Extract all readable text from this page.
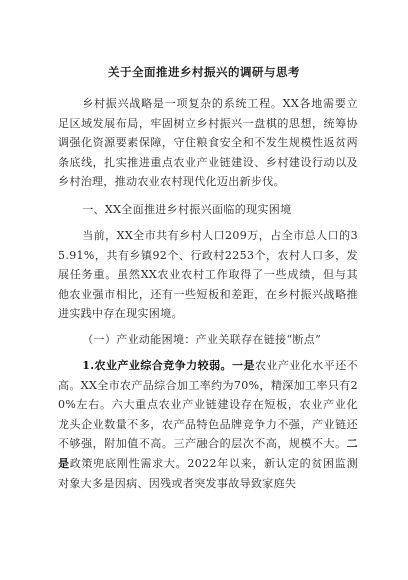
关于全面推进乡村振兴的调研与思考

乡村振兴战略是一项复杂的系统工程。XX各地需要立足区域发展布局，牢固树立乡村振兴一盘棋的思想，统筹协调强化资源要素保障，守住粮食安全和不发生规模性返贫两条底线，扎实推进重点农业产业链建设、乡村建设行动以及乡村治理，推动农业农村现代化迈出新步伐。

一、XX全面推进乡村振兴面临的现实困境

当前，XX全市共有乡村人口209万，占全市总人口的35.91%，共有乡镇92个、行政村2253个，农村人口多，发展任务重。虽然XX农业农村工作取得了一些成绩，但与其他农业强市相比，还有一些短板和差距，在乡村振兴战略推进实践中存在现实困境。

（一）产业动能困境：产业关联存在链接“断点”

1.农业产业综合竞争力较弱。一是农业产业化水平还不高。XX全市农产品综合加工率约为70%，精深加工率只有20%左右。六大重点农业产业链建设存在短板，农业产业化龙头企业数量不多，农产品特色品牌竞争力不强，产业链还不够强，附加值不高。三产融合的层次不高，规模不大。二是政策兜底刚性需求大。2022年以来，新认定的贫困监测对象大多是因病、因残或者突发事故导致家庭失
